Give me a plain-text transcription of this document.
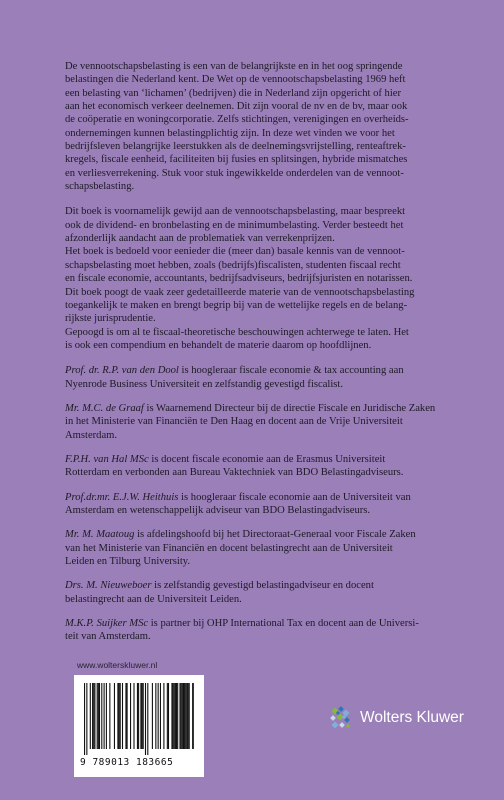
De vennootschapsbelasting is een van de belangrijkste en in het oog springende
belastingen die Nederland kent. De Wet op de vennootschapsbelasting 1969 heft
een belasting van ‘lichamen’ (bedrijven) die in Nederland zijn opgericht of hier
aan het economisch verkeer deelnemen. Dit zijn vooral de nv en de bv, maar ook
de coöperatie en woningcorporatie. Zelfs stichtingen, verenigingen en overheids-
ondernemingen kunnen belastingplichtig zijn. In deze wet vinden we voor het
bedrijfsleven belangrijke leerstukken als de deelnemingsvrijstelling, renteaftrek-
kregels, fiscale eenheid, faciliteiten bij fusies en splitsingen, hybride mismatches
en verliesverrekening. Stuk voor stuk ingewikkelde onderdelen van de vennoot-
schapsbelasting.

Dit boek is voornamelijk gewijd aan de vennootschapsbelasting, maar bespreekt
ook de dividend- en bronbelasting en de minimumbelasting. Verder besteedt het
afzonderlijk aandacht aan de problematiek van verrekenprijzen.
Het boek is bedoeld voor eenieder die (meer dan) basale kennis van de vennoot-
schapsbelasting moet hebben, zoals (bedrijfs)fiscalisten, studenten fiscaal recht
en fiscale economie, accountants, bedrijfsadviseurs, bedrijfsjuristen en notarissen.
Dit boek poogt de vaak zeer gedetailleerde materie van de vennootschapsbelasting
toegankelijk te maken en brengt begrip bij van de wettelijke regels en de belang-
rijkste jurisprudentie.
Gepoogd is om al te fiscaal-theoretische beschouwingen achterwege te laten. Het
is ook een compendium en behandelt de materie daarom op hoofdlijnen.

Prof. dr. R.P. van den Dool is hoogleraar fiscale economie & tax accounting aan
Nyenrode Business Universiteit en zelfstandig gevestigd fiscalist.

Mr. M.C. de Graaf is Waarnemend Directeur bij de directie Fiscale en Juridische Zaken
in het Ministerie van Financiën te Den Haag en docent aan de Vrije Universiteit
Amsterdam.

F.P.H. van Hal MSc is docent fiscale economie aan de Erasmus Universiteit
Rotterdam en verbonden aan Bureau Vaktechniek van BDO Belastingadviseurs.

Prof.dr.mr. E.J.W. Heithuis is hoogleraar fiscale economie aan de Universiteit van
Amsterdam en wetenschappelijk adviseur van BDO Belastingadviseurs.

Mr. M. Maatoug is afdelingshoofd bij het Directoraat-Generaal voor Fiscale Zaken
van het Ministerie van Financiën en docent belastingrecht aan de Universiteit
Leiden en Tilburg University.

Drs. M. Nieuweboer is zelfstandig gevestigd belastingadviseur en docent
belastingrecht aan de Universiteit Leiden.

M.K.P. Suijker MSc is partner bij OHP International Tax en docent aan de Universi-
teit van Amsterdam.

www.wolterskluwer.nl
9 789013 183665
Wolters Kluwer
